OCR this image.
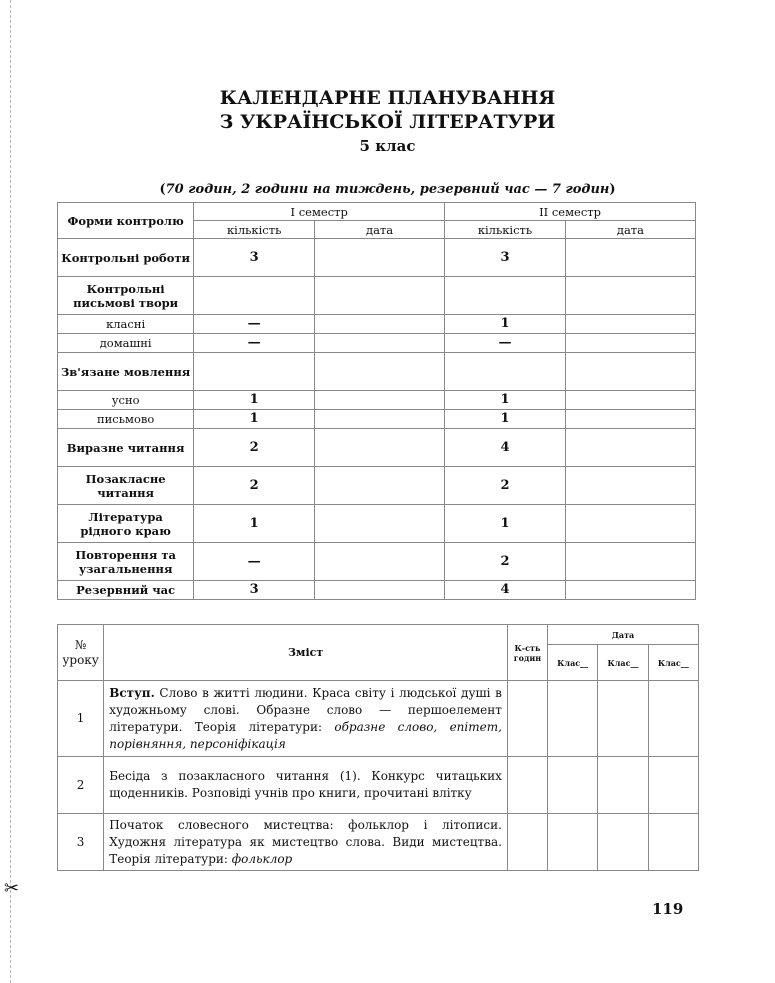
✂
КАЛЕНДАРНЕ ПЛАНУВАННЯ
З УКРАЇНСЬКОЇ ЛІТЕРАТУРИ
5 клас
(70 годин, 2 години на тиждень, резервний час — 7 годин)
Форми контролю	I семестр		II семестр	
	кількість	дата	кількість	дата
Контрольні роботи	3		3	
Контрольні письмові твори				
класні	—		1	
домашні	—		—	
Зв'язане мовлення				
усно	1		1	
письмово	1		1	
Виразне читання	2		4	
Позакласне читання	2		2	
Література рідного краю	1		1	
Повторення та узагальнення	—		2	
Резервний час	3		4	
№ уроку	Зміст	К-сть годин	Дата		
			Клас__	Клас__	Клас__
1	Вступ. Слово в житті людини. Краса світу і людської душі в художньому слові. Образне слово — першоелемент літератури. Теорія літератури: образне слово, епітет, порівняння, персоніфікація				
2	Бесіда з позакласного читання (1). Конкурс читацьких щоденників. Розповіді учнів про книги, прочитані влітку				
3	Початок словесного мистецтва: фольклор і літописи. Художня література як мистецтво слова. Види мистецтва. Теорія літератури: фольклор				
119
